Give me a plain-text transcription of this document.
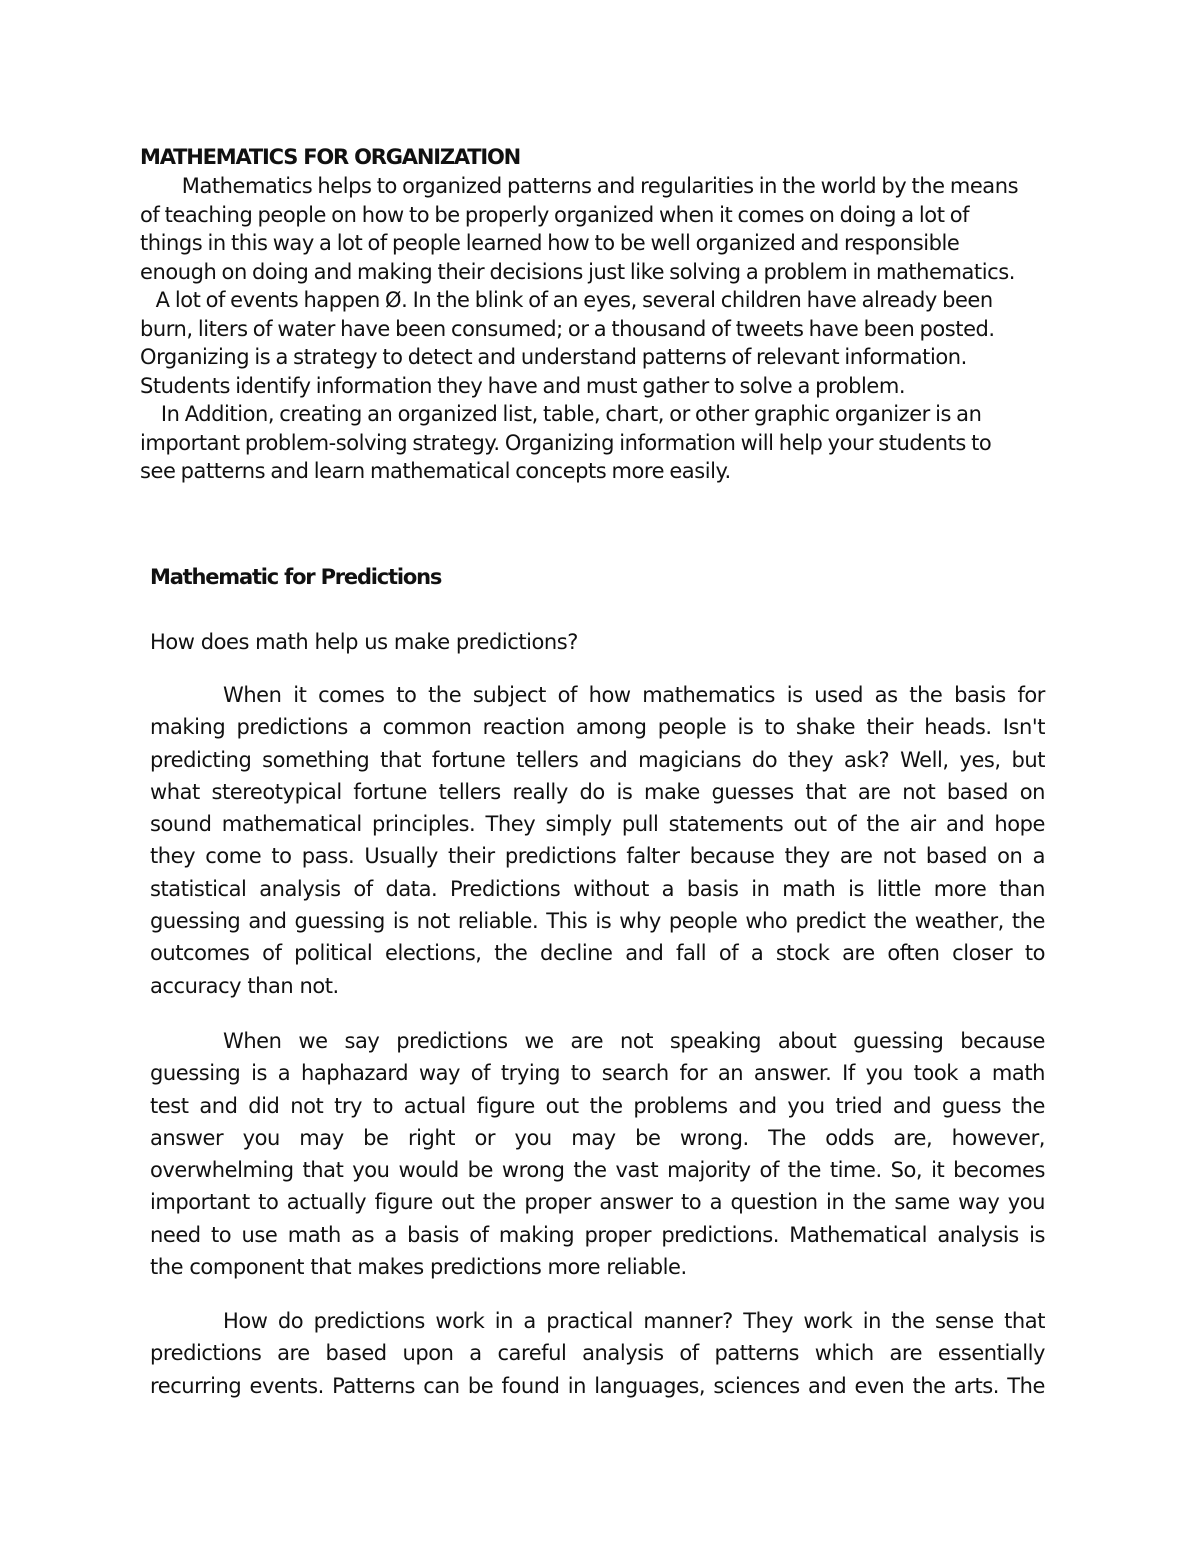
MATHEMATICS FOR ORGANIZATION

Mathematics helps to organized patterns and regularities in the world by the means

of teaching people on how to be properly organized when it comes on doing a lot of

things in this way a lot of people learned how to be well organized and responsible

enough on doing and making their decisions just like solving a problem in mathematics.

A lot of events happen Ø. In the blink of an eyes, several children have already been

burn, liters of water have been consumed; or a thousand of tweets have been posted.

Organizing is a strategy to detect and understand patterns of relevant information.

Students identify information they have and must gather to solve a problem.

In Addition, creating an organized list, table, chart, or other graphic organizer is an

important problem-solving strategy. Organizing information will help your students to

see patterns and learn mathematical concepts more easily.

Mathematic for Predictions

How does math help us make predictions?

When it comes to the subject of how mathematics is used as the basis for
making predictions a common reaction among people is to shake their heads. Isn't
predicting something that fortune tellers and magicians do they ask? Well, yes, but
what stereotypical fortune tellers really do is make guesses that are not based on
sound mathematical principles. They simply pull statements out of the air and hope
they come to pass. Usually their predictions falter because they are not based on a
statistical analysis of data. Predictions without a basis in math is little more than
guessing and guessing is not reliable. This is why people who predict the weather, the
outcomes of political elections, the decline and fall of a stock are often closer to
accuracy than not.
When we say predictions we are not speaking about guessing because
guessing is a haphazard way of trying to search for an answer. If you took a math
test and did not try to actual figure out the problems and you tried and guess the
answer you may be right or you may be wrong. The odds are, however,
overwhelming that you would be wrong the vast majority of the time. So, it becomes
important to actually figure out the proper answer to a question in the same way you
need to use math as a basis of making proper predictions. Mathematical analysis is
the component that makes predictions more reliable.
How do predictions work in a practical manner? They work in the sense that
predictions are based upon a careful analysis of patterns which are essentially
recurring events. Patterns can be found in languages, sciences and even the arts. The
